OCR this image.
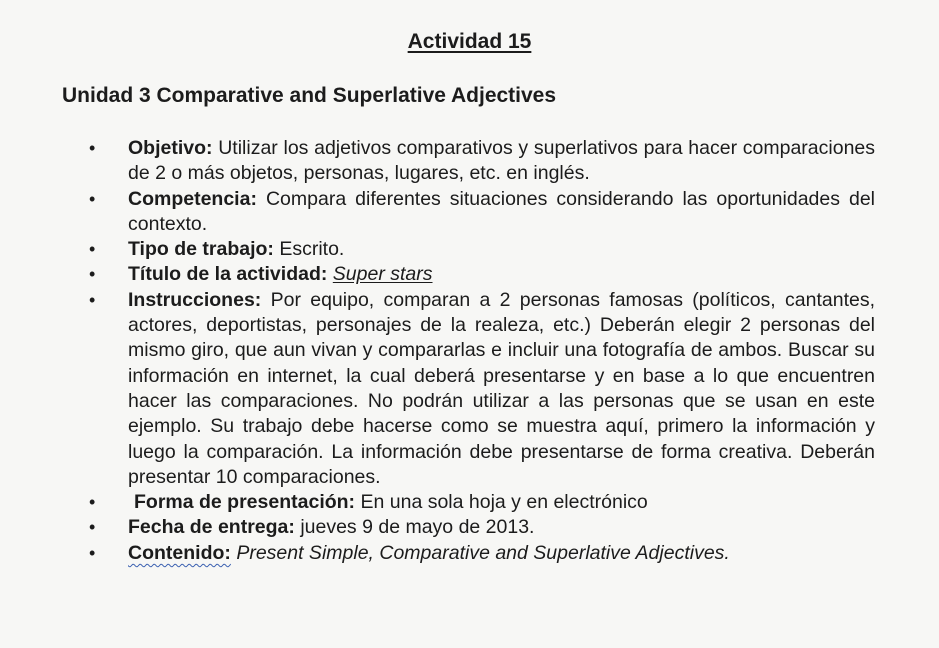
Actividad 15
Unidad 3 Comparative and Superlative Adjectives
• Objetivo: Utilizar los adjetivos comparativos y superlativos para hacer comparaciones de 2 o más objetos, personas, lugares, etc. en inglés.
• Competencia: Compara diferentes situaciones considerando las oportunidades del contexto.
• Tipo de trabajo: Escrito.
• Título de la actividad: Super stars
• Instrucciones: Por equipo, comparan a 2 personas famosas (políticos, cantantes, actores, deportistas, personajes de la realeza, etc.) Deberán elegir 2 personas del mismo giro, que aun vivan y compararlas e incluir una fotografía de ambos. Buscar su información en internet, la cual deberá presentarse y en base a lo que encuentren hacer las comparaciones. No podrán utilizar a las personas que se usan en este ejemplo. Su trabajo debe hacerse como se muestra aquí, primero la información y luego la comparación. La información debe presentarse de forma creativa. Deberán presentar 10 comparaciones.
• Forma de presentación: En una sola hoja y en electrónico
• Fecha de entrega: jueves 9 de mayo de 2013.
• Contenido: Present Simple, Comparative and Superlative Adjectives.
